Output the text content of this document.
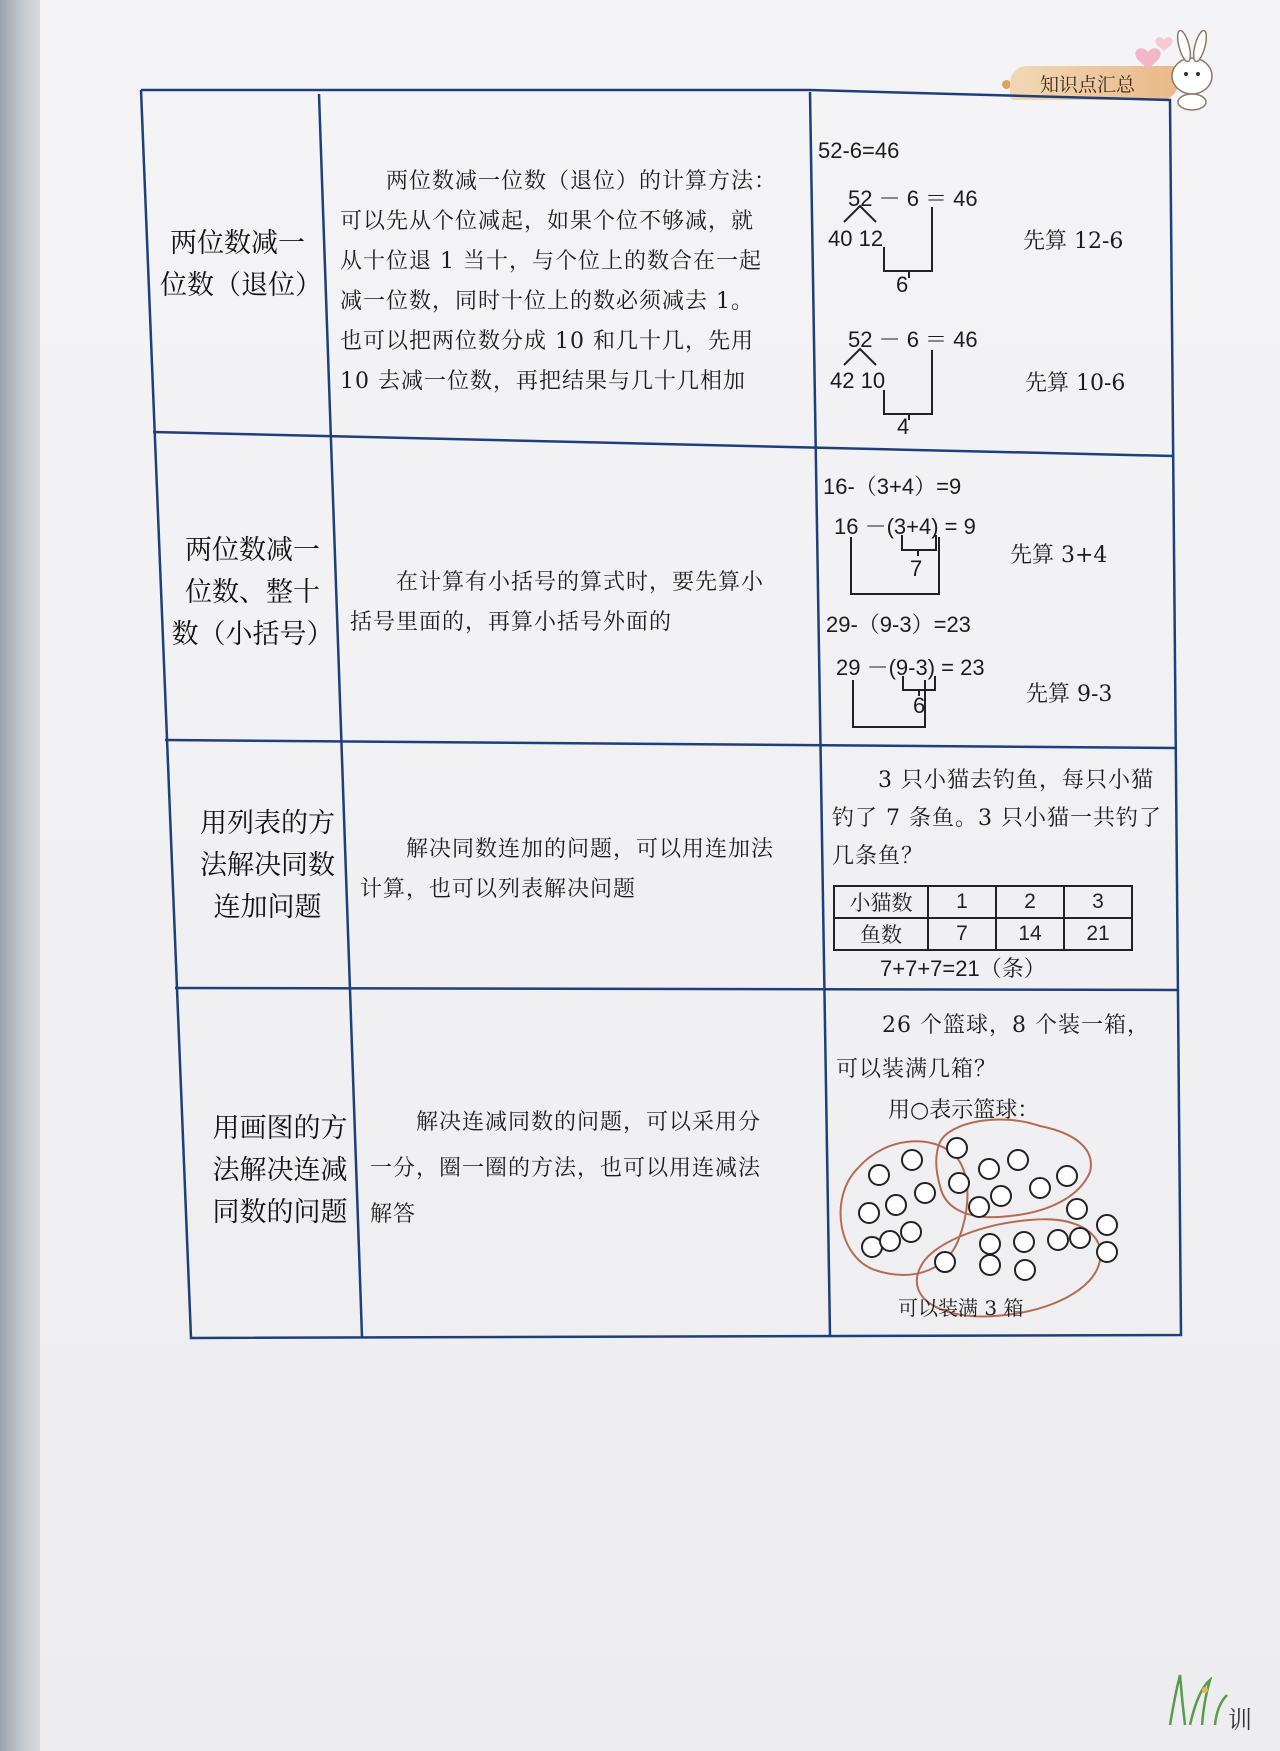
知识点汇总
两位数减一
位数（退位）
　　两位数减一位数（退位）的计算方法：
可以先从个位减起，如果个位不够减，就
从十位退 1 当十，与个位上的数合在一起
减一位数，同时十位上的数必须减去 1。
也可以把两位数分成 10 和几十几，先用
10 去减一位数，再把结果与几十几相加
52-6=46
52 － 6 ＝ 46
40 12
6
先算 12-6
52 － 6 ＝ 46
42 10
4
先算 10-6
两位数减一
位数、整十
数（小括号）
　　在计算有小括号的算式时，要先算小
括号里面的，再算小括号外面的
16-（3+4）=9
16 －(3+4) = 9
7
先算 3+4
29-（9-3）=23
29 －(9-3) = 23
6	先算 9-3
用列表的方
法解决同数
连加问题
　　解决同数连加的问题，可以用连加法
计算，也可以列表解决问题
　　3 只小猫去钓鱼，每只小猫
钓了 7 条鱼。3 只小猫一共钓了
几条鱼？
小猫数	1	2	3
鱼数	7	14	21
7+7+7=21（条）
用画图的方
法解决连减
同数的问题
　　解决连减同数的问题，可以采用分
一分，圈一圈的方法，也可以用连减法
解答
　　26 个篮球，8 个装一箱，
可以装满几箱？
用○表示篮球：
可以装满 3 箱
训
